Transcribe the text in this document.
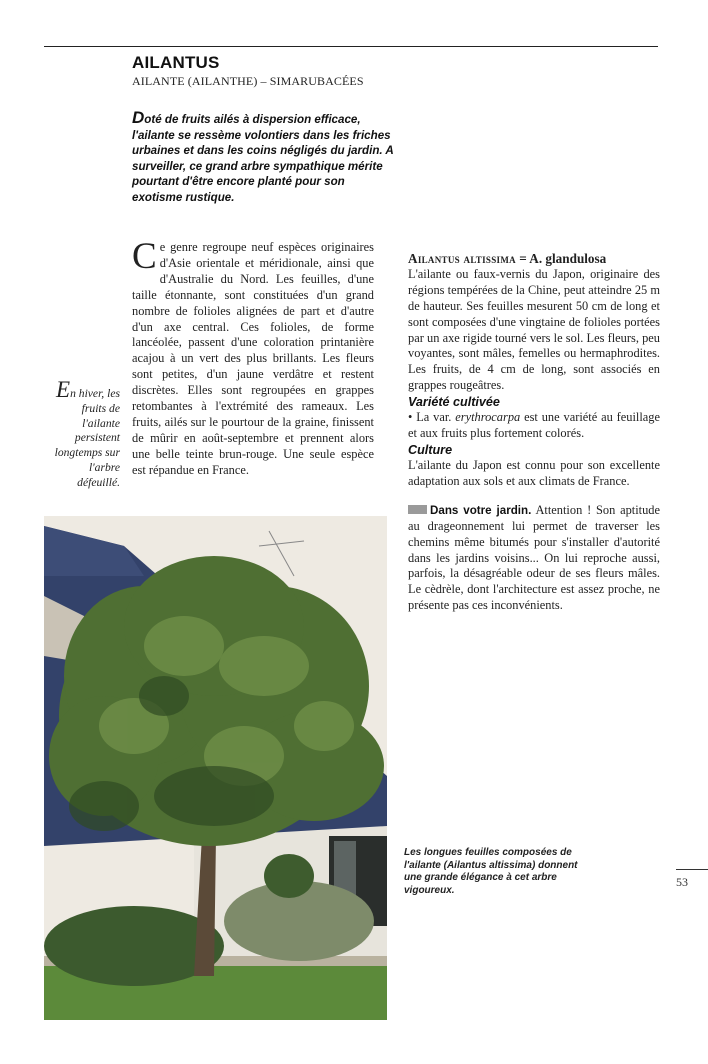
AILANTUS
AILANTE (AILANTHE) – SIMARUBACÉES
Doté de fruits ailés à dispersion efficace, l'ailante se ressème volontiers dans les friches urbaines et dans les coins négligés du jardin. A surveiller, ce grand arbre sympathique mérite pourtant d'être encore planté pour son exotisme rustique.
Ce genre regroupe neuf espèces originaires d'Asie orientale et méridionale, ainsi que d'Australie du Nord. Les feuilles, d'une taille étonnante, sont constituées d'un grand nombre de folioles alignées de part et d'autre d'un axe central. Ces folioles, de forme lancéolée, passent d'une coloration printanière acajou à un vert des plus brillants. Les fleurs sont petites, d'un jaune verdâtre et restent discrètes. Elles sont regroupées en grappes retombantes à l'extrémité des rameaux. Les fruits, ailés sur le pourtour de la graine, finissent de mûrir en août-septembre et prennent alors une belle teinte brun-rouge. Une seule espèce est répandue en France.
En hiver, les fruits de l'ailante persistent longtemps sur l'arbre défeuillé.

Ailantus altissima = A. glandulosa

L'ailante ou faux-vernis du Japon, originaire des régions tempérées de la Chine, peut atteindre 25 m de hauteur. Ses feuilles mesurent 50 cm de long et sont composées d'une vingtaine de folioles portées par un axe rigide tourné vers le sol. Les fleurs, peu voyantes, sont mâles, femelles ou hermaphrodites. Les fruits, de 4 cm de long, sont associés en grappes rougeâtres.

Variété cultivée

• La var. erythrocarpa est une variété au feuillage et aux fruits plus fortement colorés.

Culture

L'ailante du Japon est connu pour son excellente adaptation aux sols et aux climats de France.

Dans votre jardin. Attention ! Son aptitude au drageonnement lui permet de traverser les chemins même bitumés pour s'installer d'autorité dans les jardins voisins... On lui reproche aussi, parfois, la désagréable odeur de ses fleurs mâles. Le cèdrèle, dont l'architecture est assez proche, ne présente pas ces inconvénients.

Les longues feuilles composées de l'ailante (Ailantus altissima) donnent une grande élégance à cet arbre vigoureux.
53
